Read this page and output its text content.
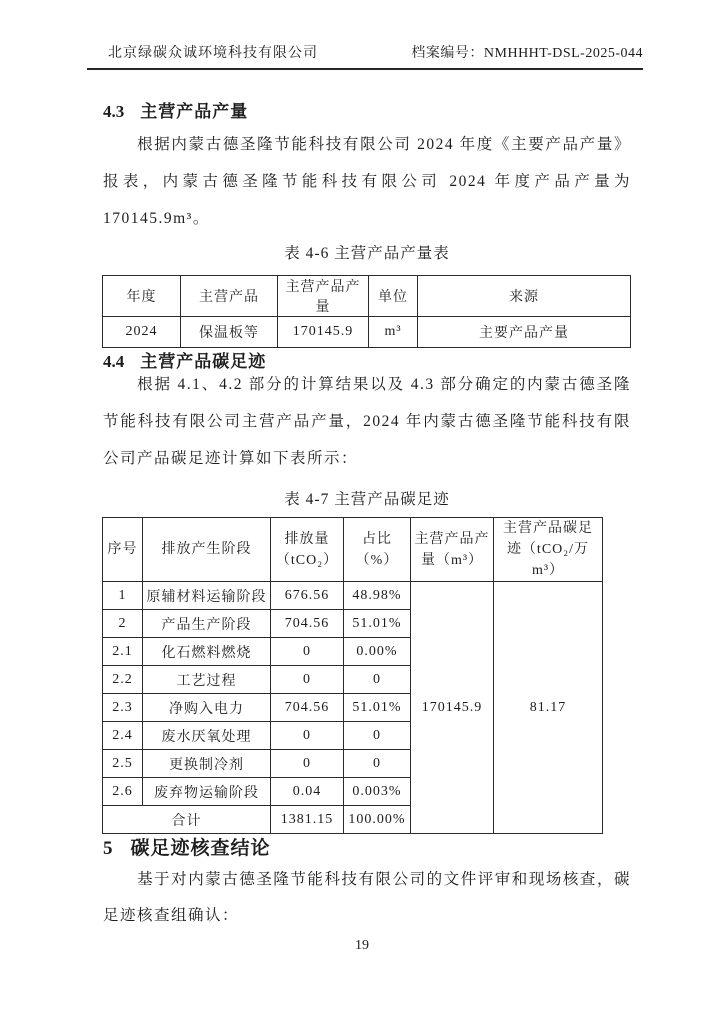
北京绿碳众诚环境科技有限公司	档案编号：NMHHHT-DSL-2025-044
4.3 主营产品产量
根据内蒙古德圣隆节能科技有限公司 2024 年度《主要产品产量》报表，内蒙古德圣隆节能科技有限公司 2024 年度产品产量为 170145.9m³。
表 4-6 主营产品产量表
年度	主营产品	主营产品产量	单位	来源
2024	保温板等	170145.9	m³	主要产品产量
4.4 主营产品碳足迹
根据 4.1、4.2 部分的计算结果以及 4.3 部分确定的内蒙古德圣隆节能科技有限公司主营产品产量，2024 年内蒙古德圣隆节能科技有限公司产品碳足迹计算如下表所示：
表 4-7 主营产品碳足迹
序号	排放产生阶段	排放量（tCO₂）	占比（%）	主营产品产量（m³）	主营产品碳足迹（tCO₂/万 m³）
1	原辅材料运输阶段	676.56	48.98%	170145.9	81.17
2	产品生产阶段	704.56	51.01%		
2.1	化石燃料燃烧	0	0.00%		
2.2	工艺过程	0	0		
2.3	净购入电力	704.56	51.01%		
2.4	废水厌氧处理	0	0		
2.5	更换制冷剂	0	0		
2.6	废弃物运输阶段	0.04	0.003%		
合计		1381.15	100.00%		
5 碳足迹核查结论
基于对内蒙古德圣隆节能科技有限公司的文件评审和现场核查，碳足迹核查组确认：
19
